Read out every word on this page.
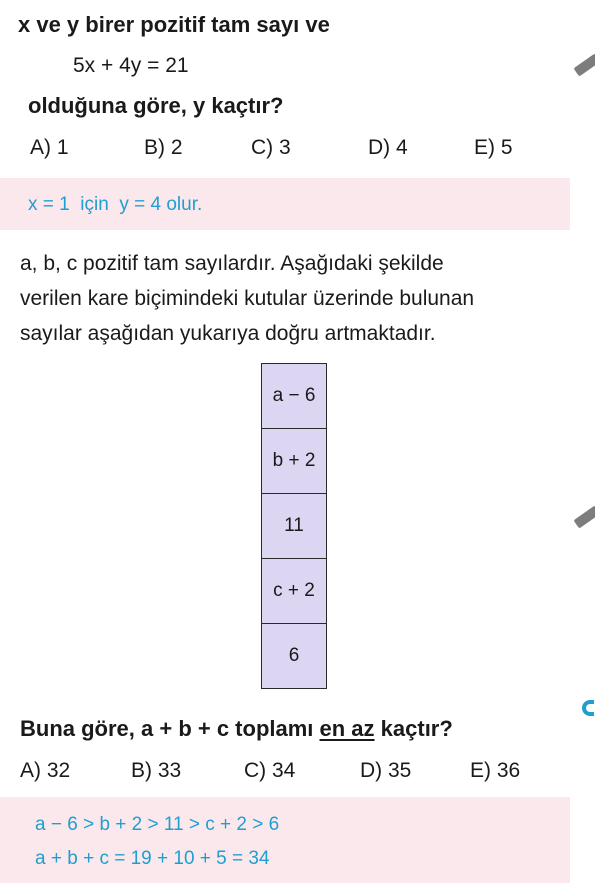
x ve y birer pozitif tam sayı ve
5x + 4y = 21
olduğuna göre, y kaçtır?
A) 1	B) 2	C) 3	D) 4	E) 5
x = 1  için  y = 4 olur.
a, b, c pozitif tam sayılardır. Aşağıdaki şekilde
verilen kare biçimindeki kutular üzerinde bulunan
sayılar aşağıdan yukarıya doğru artmaktadır.
a − 6
b + 2
11
c + 2
6
Buna göre, a + b + c toplamı en az kaçtır?
A) 32	B) 33	C) 34	D) 35	E) 36
a − 6 > b + 2 > 11 > c + 2 > 6
a + b + c = 19 + 10 + 5 = 34
